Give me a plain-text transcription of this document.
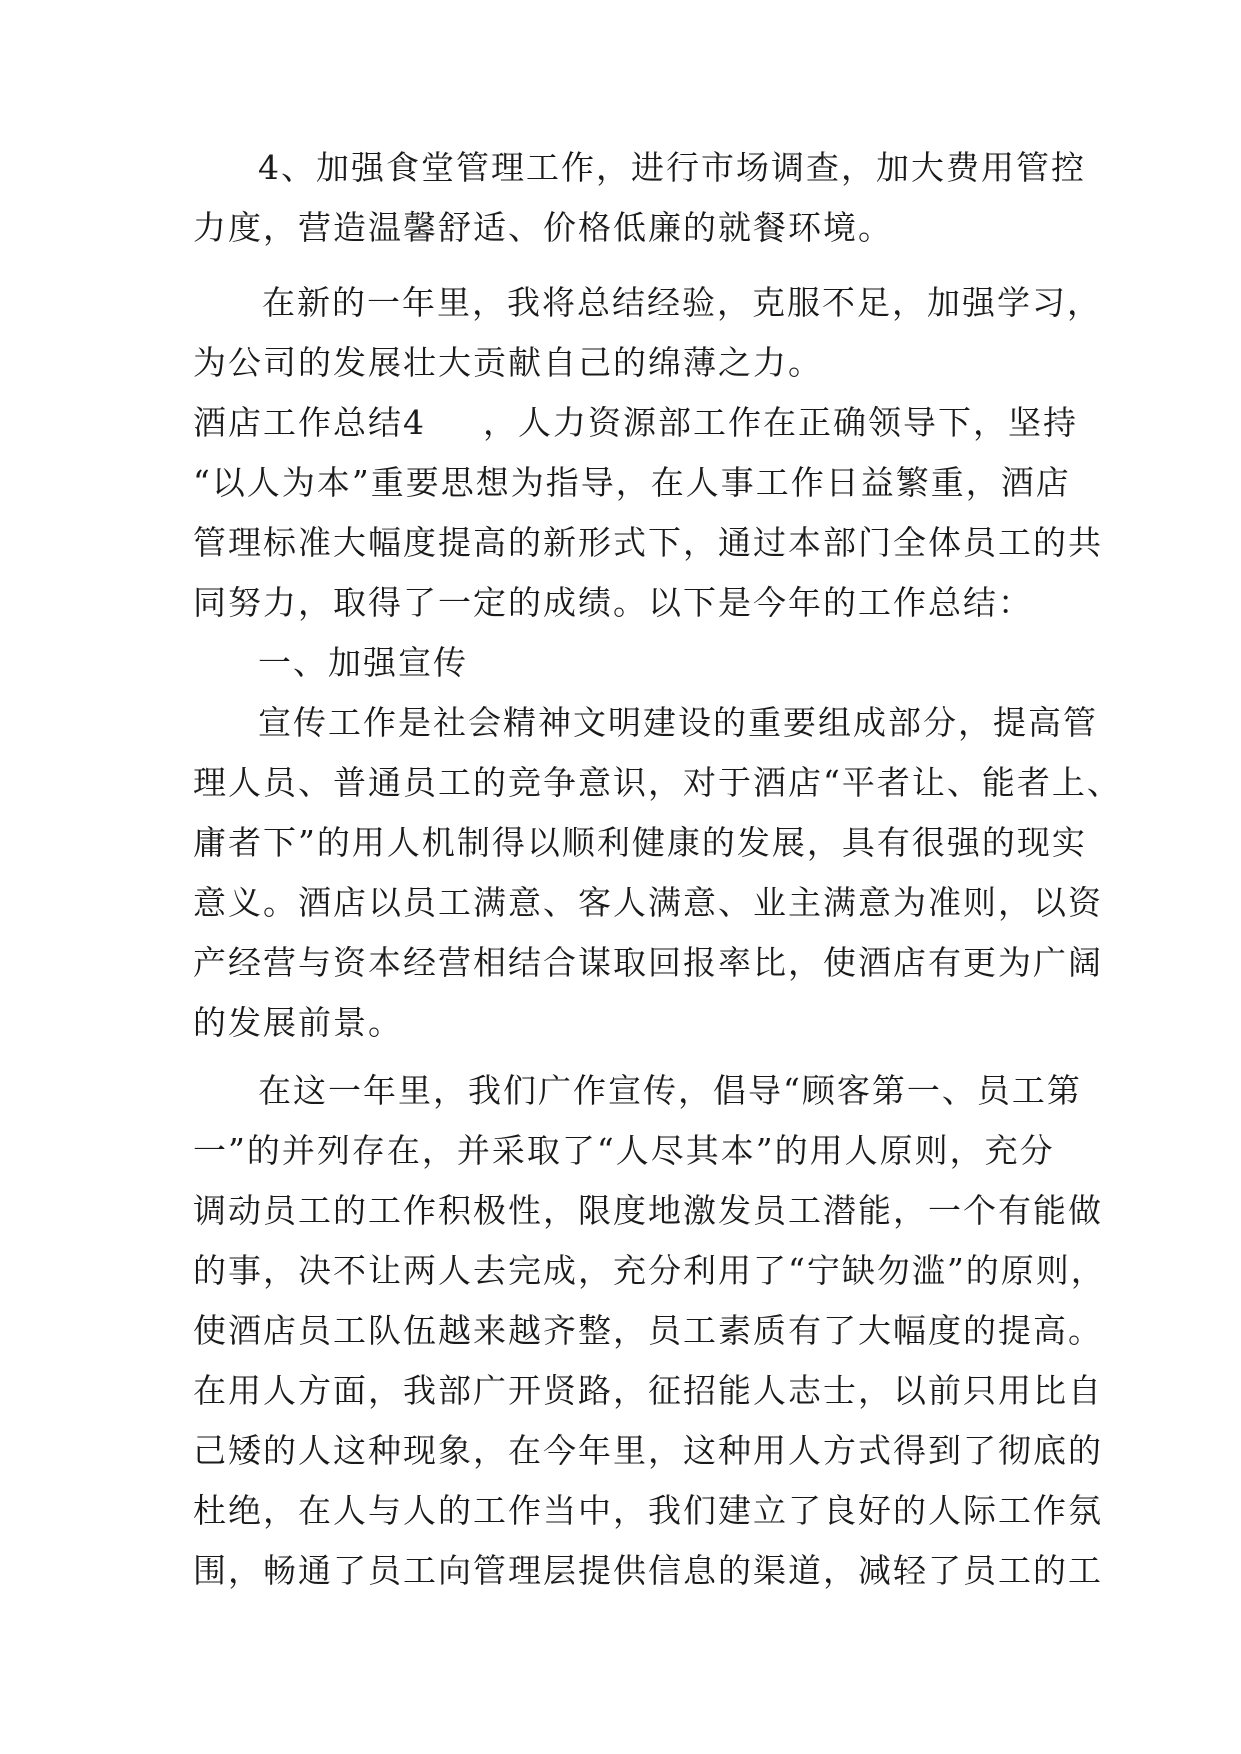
4、加强食堂管理工作，进行市场调查，加大费用管控
力度，营造温馨舒适、价格低廉的就餐环境。
在新的一年里，我将总结经验，克服不足，加强学习，
为公司的发展壮大贡献自己的绵薄之力。
酒店工作总结4 ，人力资源部工作在正确领导下，坚持
“以人为本”重要思想为指导，在人事工作日益繁重，酒店
管理标准大幅度提高的新形式下，通过本部门全体员工的共
同努力，取得了一定的成绩。以下是今年的工作总结：
一、加强宣传
宣传工作是社会精神文明建设的重要组成部分，提高管
理人员、普通员工的竞争意识，对于酒店“平者让、能者上、
庸者下”的用人机制得以顺利健康的发展，具有很强的现实
意义。酒店以员工满意、客人满意、业主满意为准则，以资
产经营与资本经营相结合谋取回报率比，使酒店有更为广阔
的发展前景。
在这一年里，我们广作宣传，倡导“顾客第一、员工第
一”的并列存在，并采取了“人尽其本”的用人原则，充分
调动员工的工作积极性，限度地激发员工潜能，一个有能做
的事，决不让两人去完成，充分利用了“宁缺勿滥”的原则，
使酒店员工队伍越来越齐整，员工素质有了大幅度的提高。
在用人方面，我部广开贤路，征招能人志士，以前只用比自
己矮的人这种现象，在今年里，这种用人方式得到了彻底的
杜绝，在人与人的工作当中，我们建立了良好的人际工作氛
围，畅通了员工向管理层提供信息的渠道，减轻了员工的工
